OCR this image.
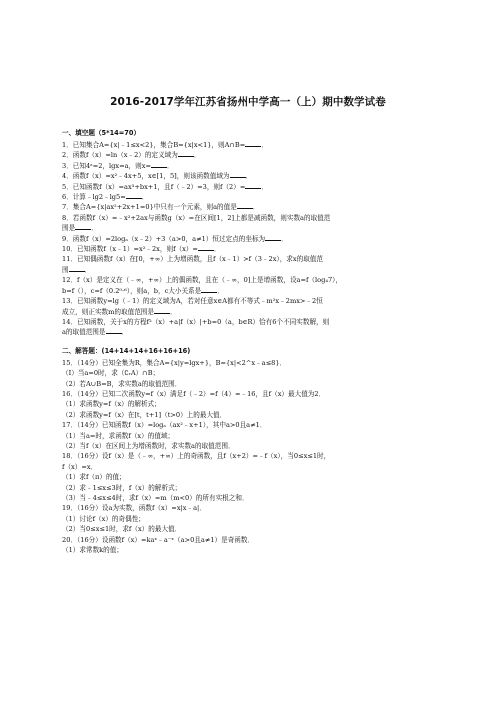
2016-2017学年江苏省扬州中学高一（上）期中数学试卷
一、填空题（5*14=70）
1．已知集合A={x|﹣1≤x<2}，集合B={x|x<1}，则A∩B= ．
2．函数f（x）=ln（x﹣2）的定义域为 ．
3．已知4ᵃ=2，lgx=a，则x= ．
4．函数f（x）=x²﹣4x+5，x∈[1，5]，则该函数值域为 ．
5．已知函数f（x）=ax³+bx+1，且f（﹣2）=3，则f（2）= ．
6．计算﹣lg2﹣lg5= ．
7．集合A={x|ax²+2x+1=0}中只有一个元素，则a的值是 ．
8．若函数f（x）=﹣x²+2ax与函数g（x）=在区间[1，2]上都是减函数，则实数a的取值范
围是 ．
9．函数f（x）=2logₐ（x﹣2）+3（a>0，a≠1）恒过定点的坐标为 ．
10．已知函数f（x﹣1）=x²﹣2x，则f（x）= ．
11．已知偶函数f（x）在[0，+∞）上为增函数，且f（x﹣1）>f（3﹣2x），求x的取值范
围 ．
12．f（x）是定义在（﹣∞，+∞）上的偶函数，且在（﹣∞，0]上是增函数，设a=f（log₄7），
b=f（），c=f（0.2⁰·⁶），则a，b，c大小关系是 ．
13．已知函数y=lg（﹣1）的定义域为A，若对任意x∈A都有不等式﹣m²x﹣2mx>﹣2恒
成立，则正实数m的取值范围是 ．
14．已知函数，关于x的方程f²（x）+a|f（x）|+b=0（a，b∈R）恰有6个不同实数解，则
a的取值范围是 ．
二、解答题：(14+14+14+16+16+16)
15．（14分）已知全集为R，集合A={x|y=lgx+}，B={x|<2^x﹣a≤8}．
（I）当a=0时，求（∁ᵣA）∩B；
（2）若A∪B=B，求实数a的取值范围．
16．（14分）已知二次函数y=f（x）满足f（﹣2）=f（4）=﹣16，且f（x）最大值为2．
（1）求函数y=f（x）的解析式；
（2）求函数y=f（x）在[t，t+1]（t>0）上的最大值．
17．（14分）已知函数f（x）=logₐ（ax²﹣x+1），其中a>0且a≠1．
（1）当a=时，求函数f（x）的值域；
（2）当f（x）在区间上为增函数时，求实数a的取值范围．
18．（16分）设f（x）是（﹣∞，+∞）上的奇函数，且f（x+2）=﹣f（x），当0≤x≤1时，
f（x）=x．
（1）求f（π）的值；
（2）求﹣1≤x≤3时，f（x）的解析式；
（3）当﹣4≤x≤4时，求f（x）=m（m<0）的所有实根之和．
19．（16分）设a为实数，函数f（x）=x|x﹣a|．
（1）讨论f（x）的奇偶性；
（2）当0≤x≤1时，求f（x）的最大值．
20．（16分）设函数f（x）=kaˣ﹣a⁻ˣ（a>0且a≠1）是奇函数．
（1）求常数k的值；
